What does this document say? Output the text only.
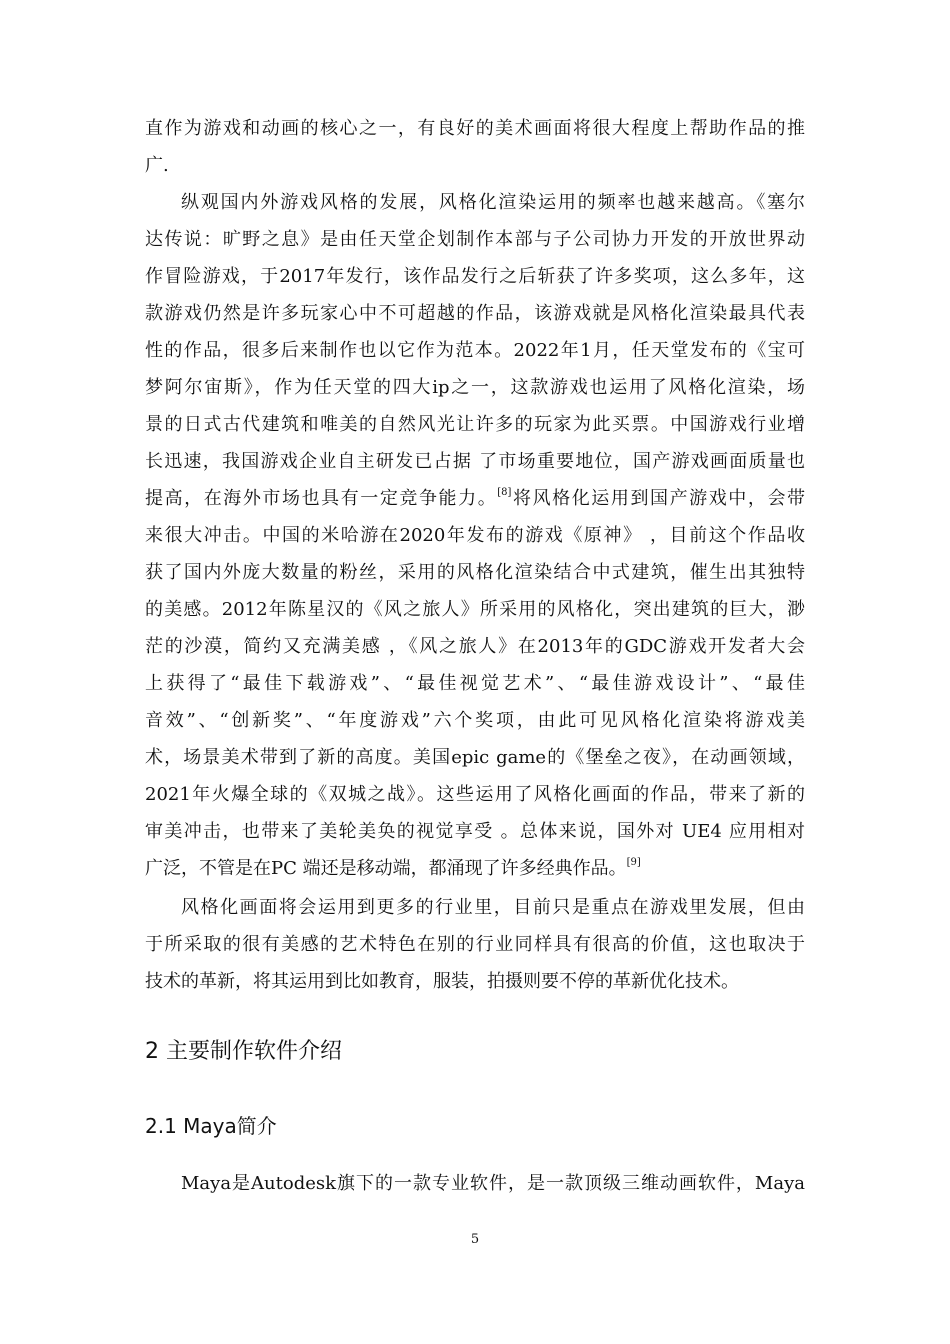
直作为游戏和动画的核心之一，有良好的美术画面将很大程度上帮助作品的推
广.
纵观国内外游戏风格的发展，风格化渲染运用的频率也越来越高。《塞尔
达传说：旷野之息》是由任天堂企划制作本部与子公司协力开发的开放世界动
作冒险游戏，于2017年发行，该作品发行之后斩获了许多奖项，这么多年，这
款游戏仍然是许多玩家心中不可超越的作品，该游戏就是风格化渲染最具代表
性的作品，很多后来制作也以它作为范本。2022年1月，任天堂发布的《宝可
梦阿尔宙斯》，作为任天堂的四大ip之一，这款游戏也运用了风格化渲染，场
景的日式古代建筑和唯美的自然风光让许多的玩家为此买票。中国游戏行业增
长迅速，我国游戏企业自主研发已占据 了市场重要地位，国产游戏画面质量也
提高，在海外市场也具有一定竞争能力。[8]将风格化运用到国产游戏中，会带
来很大冲击。中国的米哈游在2020年发布的游戏《原神》 ，目前这个作品收
获了国内外庞大数量的粉丝，采用的风格化渲染结合中式建筑，催生出其独特
的美感。2012年陈星汉的《风之旅人》所采用的风格化，突出建筑的巨大，渺
茫的沙漠，简约又充满美感 ，《风之旅人》在2013年的GDC游戏开发者大会
上获得了“最佳下载游戏”、“最佳视觉艺术”、“最佳游戏设计”、“最佳
音效”、“创新奖”、“年度游戏”六个奖项，由此可见风格化渲染将游戏美
术，场景美术带到了新的高度。美国epic game的《堡垒之夜》，在动画领域，
2021年火爆全球的《双城之战》。这些运用了风格化画面的作品，带来了新的
审美冲击，也带来了美轮美奂的视觉享受 。总体来说，国外对 UE4 应用相对
广泛，不管是在PC 端还是移动端，都涌现了许多经典作品。[9]
风格化画面将会运用到更多的行业里，目前只是重点在游戏里发展，但由
于所采取的很有美感的艺术特色在别的行业同样具有很高的价值，这也取决于
技术的革新，将其运用到比如教育，服装，拍摄则要不停的革新优化技术。
2 主要制作软件介绍
2.1 Maya简介
Maya是Autodesk旗下的一款专业软件，是一款顶级三维动画软件，Maya
5
